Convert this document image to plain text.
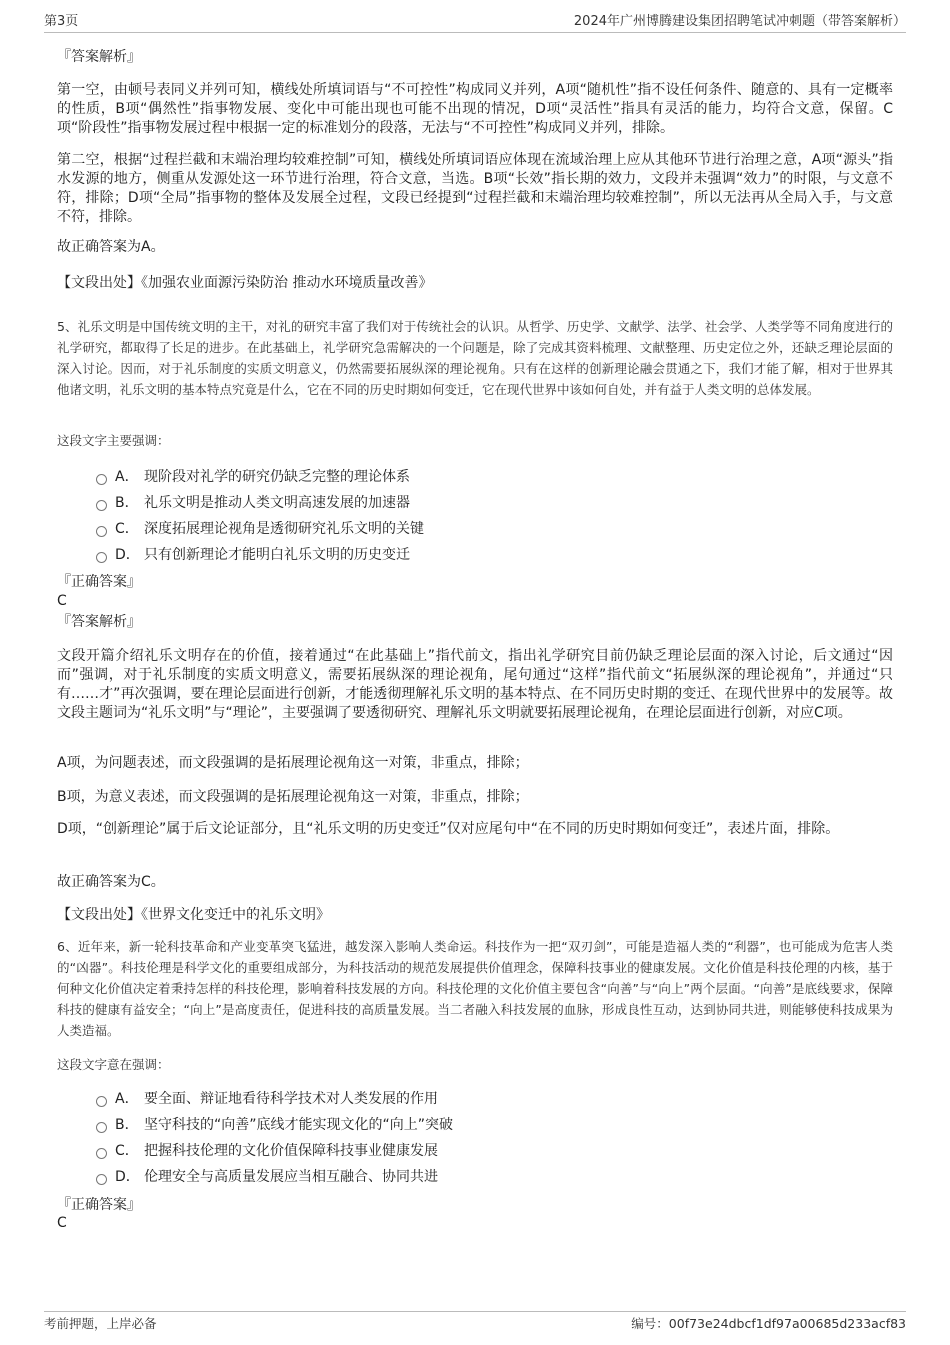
第3页	2024年广州博腾建设集团招聘笔试冲刺题（带答案解析）
『答案解析』
第一空，由顿号表同义并列可知，横线处所填词语与“不可控性”构成同义并列，A项“随机性”指不设任何条件、随意的、具有一定概率的性质，B项“偶然性”指事物发展、变化中可能出现也可能不出现的情况，D项“灵活性”指具有灵活的能力，均符合文意，保留。C项“阶段性”指事物发展过程中根据一定的标准划分的段落，无法与“不可控性”构成同义并列，排除。
第二空，根据“过程拦截和末端治理均较难控制”可知，横线处所填词语应体现在流域治理上应从其他环节进行治理之意，A项“源头”指水发源的地方，侧重从发源处这一环节进行治理，符合文意，当选。B项“长效”指长期的效力，文段并未强调“效力”的时限，与文意不符，排除；D项“全局”指事物的整体及发展全过程，文段已经提到“过程拦截和末端治理均较难控制”，所以无法再从全局入手，与文意不符，排除。
故正确答案为A。
【文段出处】《加强农业面源污染防治 推动水环境质量改善》
5、礼乐文明是中国传统文明的主干，对礼的研究丰富了我们对于传统社会的认识。从哲学、历史学、文献学、法学、社会学、人类学等不同角度进行的礼学研究，都取得了长足的进步。在此基础上，礼学研究急需解决的一个问题是，除了完成其资料梳理、文献整理、历史定位之外，还缺乏理论层面的深入讨论。因而，对于礼乐制度的实质文明意义，仍然需要拓展纵深的理论视角。只有在这样的创新理论融会贯通之下，我们才能了解，相对于世界其他诸文明，礼乐文明的基本特点究竟是什么，它在不同的历史时期如何变迁，它在现代世界中该如何自处，并有益于人类文明的总体发展。
这段文字主要强调：
A． 现阶段对礼学的研究仍缺乏完整的理论体系
B． 礼乐文明是推动人类文明高速发展的加速器
C． 深度拓展理论视角是透彻研究礼乐文明的关键
D． 只有创新理论才能明白礼乐文明的历史变迁
『正确答案』
C
『答案解析』
文段开篇介绍礼乐文明存在的价值，接着通过“在此基础上”指代前文，指出礼学研究目前仍缺乏理论层面的深入讨论，后文通过“因而”强调，对于礼乐制度的实质文明意义，需要拓展纵深的理论视角，尾句通过“这样”指代前文“拓展纵深的理论视角”，并通过“只有……才”再次强调，要在理论层面进行创新，才能透彻理解礼乐文明的基本特点、在不同历史时期的变迁、在现代世界中的发展等。故文段主题词为“礼乐文明”与“理论”，主要强调了要透彻研究、理解礼乐文明就要拓展理论视角，在理论层面进行创新，对应C项。
A项，为问题表述，而文段强调的是拓展理论视角这一对策，非重点，排除；
B项，为意义表述，而文段强调的是拓展理论视角这一对策，非重点，排除；
D项，“创新理论”属于后文论证部分，且“礼乐文明的历史变迁”仅对应尾句中“在不同的历史时期如何变迁”，表述片面，排除。
故正确答案为C。
【文段出处】《世界文化变迁中的礼乐文明》
6、近年来，新一轮科技革命和产业变革突飞猛进，越发深入影响人类命运。科技作为一把“双刃剑”，可能是造福人类的“利器”，也可能成为危害人类的“凶器”。科技伦理是科学文化的重要组成部分，为科技活动的规范发展提供价值理念，保障科技事业的健康发展。文化价值是科技伦理的内核，基于何种文化价值决定着秉持怎样的科技伦理，影响着科技发展的方向。科技伦理的文化价值主要包含“向善”与“向上”两个层面。“向善”是底线要求，保障科技的健康有益安全；“向上”是高度责任，促进科技的高质量发展。当二者融入科技发展的血脉，形成良性互动，达到协同共进，则能够使科技成果为人类造福。
这段文字意在强调：
A． 要全面、辩证地看待科学技术对人类发展的作用
B． 坚守科技的“向善”底线才能实现文化的“向上”突破
C． 把握科技伦理的文化价值保障科技事业健康发展
D． 伦理安全与高质量发展应当相互融合、协同共进
『正确答案』
C
考前押题，上岸必备	编号：00f73e24dbcf1df97a00685d233acf83
